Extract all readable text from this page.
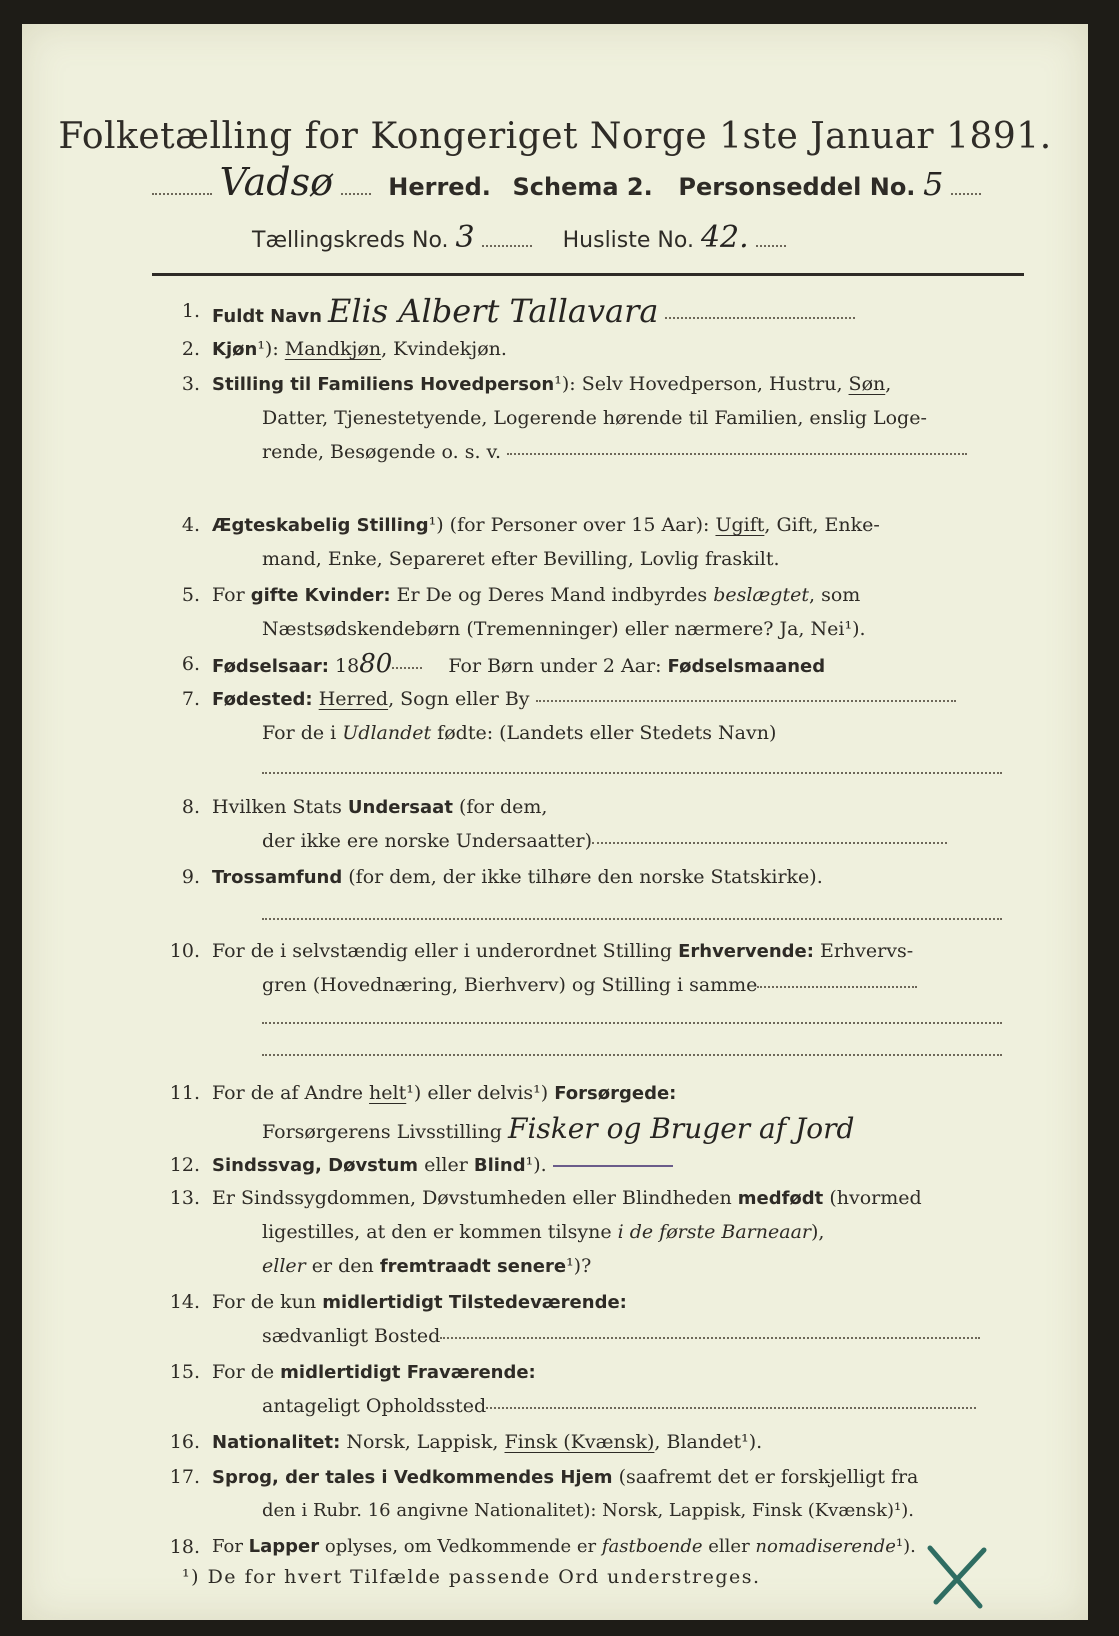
Folketælling for Kongeriget Norge 1ste Januar 1891.
Vadsø Herred. Schema 2. Personseddel No. 5
Tællingskreds No. 3	Husliste No. 42.
1. Fuldt Navn Elis Albert Tallavara
2. Kjøn¹): Mandkjøn, Kvindekjøn.
3. Stilling til Familiens Hovedperson¹): Selv Hovedperson, Hustru, Søn,
Datter, Tjenestetyende, Logerende hørende til Familien, enslig Loge-
rende, Besøgende o. s. v.
4. Ægteskabelig Stilling¹) (for Personer over 15 Aar): Ugift, Gift, Enke-
mand, Enke, Separeret efter Bevilling, Lovlig fraskilt.
5. For gifte Kvinder: Er De og Deres Mand indbyrdes beslægtet, som
Næstsødskendebørn (Tremenninger) eller nærmere? Ja, Nei¹).
6. Fødselsaar: 1880	For Børn under 2 Aar: Fødselsmaaned
7. Fødested: Herred, Sogn eller By
For de i Udlandet fødte: (Landets eller Stedets Navn)
8. Hvilken Stats Undersaat (for dem,
der ikke ere norske Undersaatter)
9. Trossamfund (for dem, der ikke tilhøre den norske Statskirke).
10. For de i selvstændig eller i underordnet Stilling Erhvervende: Erhvervs-
gren (Hovednæring, Bierhverv) og Stilling i samme
11. For de af Andre helt¹) eller delvis¹) Forsørgede:
Forsørgerens Livsstilling Fisker og Bruger af Jord
12. Sindssvag, Døvstum eller Blind¹).
13. Er Sindssygdommen, Døvstumheden eller Blindheden medfødt (hvormed
ligestilles, at den er kommen tilsyne i de første Barneaar),
eller er den fremtraadt senere¹)?
14. For de kun midlertidigt Tilstedeværende:
sædvanligt Bosted
15. For de midlertidigt Fraværende:
antageligt Opholdssted
16. Nationalitet: Norsk, Lappisk, Finsk (Kvænsk), Blandet¹).
17. Sprog, der tales i Vedkommendes Hjem (saafremt det er forskjelligt fra
den i Rubr. 16 angivne Nationalitet): Norsk, Lappisk, Finsk (Kvænsk)¹).
18. For Lapper oplyses, om Vedkommende er fastboende eller nomadiserende¹).
¹) De for hvert Tilfælde passende Ord understreges.
